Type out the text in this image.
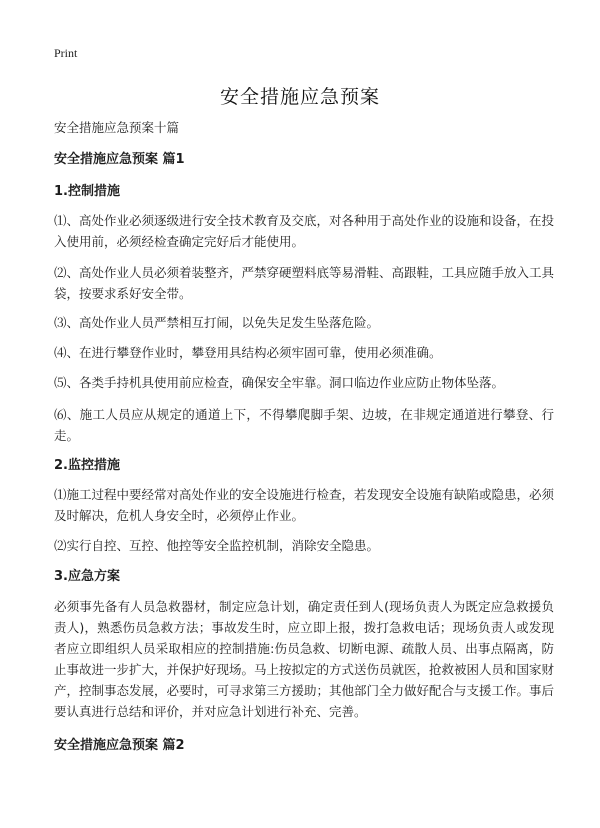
Print
安全措施应急预案
安全措施应急预案十篇
安全措施应急预案 篇1
1.控制措施
⑴、高处作业必须逐级进行安全技术教育及交底，对各种用于高处作业的设施和设备，在投入使用前，必须经检查确定完好后才能使用。
⑵、高处作业人员必须着装整齐，严禁穿硬塑料底等易滑鞋、高跟鞋，工具应随手放入工具袋，按要求系好安全带。
⑶、高处作业人员严禁相互打闹，以免失足发生坠落危险。
⑷、在进行攀登作业时，攀登用具结构必须牢固可靠，使用必须准确。
⑸、各类手持机具使用前应检查，确保安全牢靠。洞口临边作业应防止物体坠落。
⑹、施工人员应从规定的通道上下，不得攀爬脚手架、边坡，在非规定通道进行攀登、行走。
2.监控措施
⑴施工过程中要经常对高处作业的安全设施进行检查，若发现安全设施有缺陷或隐患，必须及时解决，危机人身安全时，必须停止作业。
⑵实行自控、互控、他控等安全监控机制，消除安全隐患。
3.应急方案
必须事先备有人员急救器材，制定应急计划，确定责任到人(现场负责人为既定应急救援负责人)，熟悉伤员急救方法；事故发生时，应立即上报，拨打急救电话；现场负责人或发现者应立即组织人员采取相应的控制措施:伤员急救、切断电源、疏散人员、出事点隔离，防止事故进一步扩大，并保护好现场。马上按拟定的方式送伤员就医，抢救被困人员和国家财产，控制事态发展，必要时，可寻求第三方援助；其他部门全力做好配合与支援工作。事后要认真进行总结和评价，并对应急计划进行补充、完善。
安全措施应急预案 篇2
